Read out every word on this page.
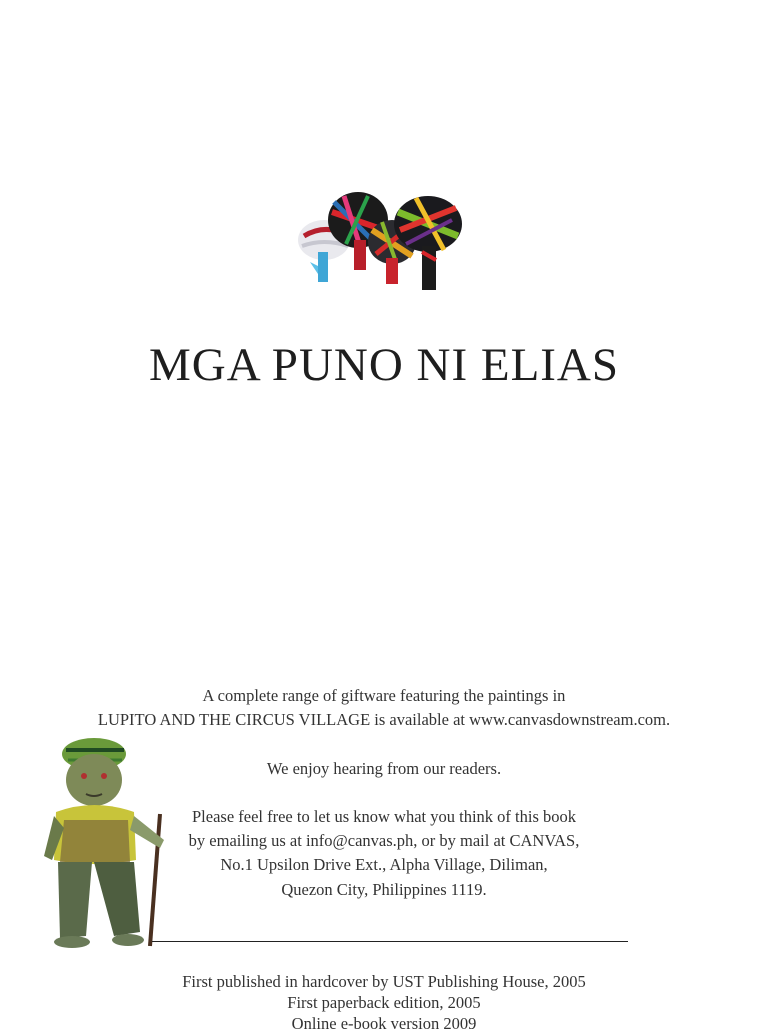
MGA PUNO NI ELIAS

A complete range of giftware featuring the paintings in

LUPITO AND THE CIRCUS VILLAGE is available at www.canvasdownstream.com.

We enjoy hearing from our readers.

Please feel free to let us know what you think of this book

by emailing us at info@canvas.ph, or by mail at CANVAS,

No.1 Upsilon Drive Ext., Alpha Village, Diliman,

Quezon City, Philippines 1119.

First published in hardcover by UST Publishing House, 2005

First paperback edition, 2005

Online e-book version 2009
